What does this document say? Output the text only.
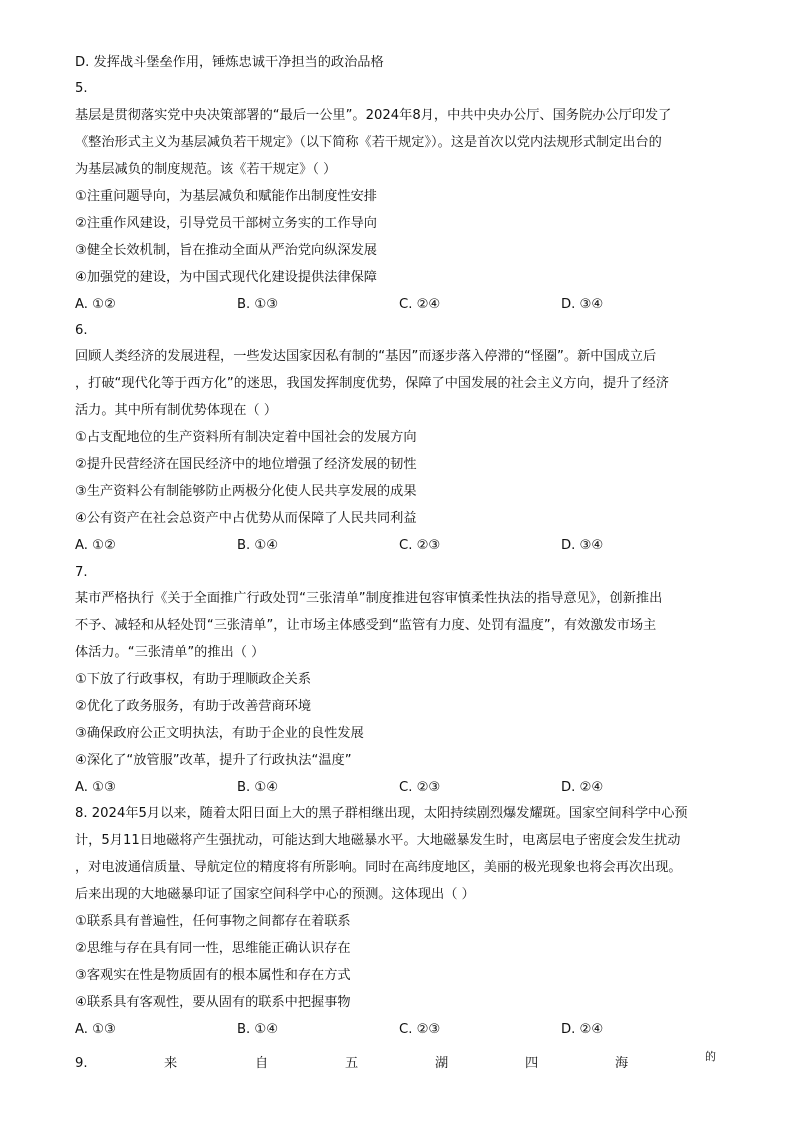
D. 发挥战斗堡垒作用，锤炼忠诚干净担当的政治品格
5.
基层是贯彻落实党中央决策部署的“最后一公里”。2024年8月，中共中央办公厅、国务院办公厅印发了
《整治形式主义为基层减负若干规定》（以下简称《若干规定》）。这是首次以党内法规形式制定出台的
为基层减负的制度规范。该《若干规定》（ ）
①注重问题导向，为基层减负和赋能作出制度性安排
②注重作风建设，引导党员干部树立务实的工作导向
③健全长效机制，旨在推动全面从严治党向纵深发展
④加强党的建设，为中国式现代化建设提供法律保障
A. ①②	B. ①③	C. ②④	D. ③④
6.
回顾人类经济的发展进程，一些发达国家因私有制的“基因”而逐步落入停滞的“怪圈”。新中国成立后
，打破“现代化等于西方化”的迷思，我国发挥制度优势，保障了中国发展的社会主义方向，提升了经济
活力。其中所有制优势体现在（ ）
①占支配地位的生产资料所有制决定着中国社会的发展方向
②提升民营经济在国民经济中的地位增强了经济发展的韧性
③生产资料公有制能够防止两极分化使人民共享发展的成果
④公有资产在社会总资产中占优势从而保障了人民共同利益
A. ①②	B. ①④	C. ②③	D. ③④
7.
某市严格执行《关于全面推广行政处罚“三张清单”制度推进包容审慎柔性执法的指导意见》，创新推出
不予、减轻和从轻处罚“三张清单”，让市场主体感受到“监管有力度、处罚有温度”，有效激发市场主
体活力。“三张清单”的推出（ ）
①下放了行政事权，有助于理顺政企关系
②优化了政务服务，有助于改善营商环境
③确保政府公正文明执法，有助于企业的良性发展
④深化了“放管服”改革，提升了行政执法“温度”
A. ①③	B. ①④	C. ②③	D. ②④
8. 2024年5月以来，随着太阳日面上大的黑子群相继出现，太阳持续剧烈爆发耀斑。国家空间科学中心预
计，5月11日地磁将产生强扰动，可能达到大地磁暴水平。大地磁暴发生时，电离层电子密度会发生扰动
，对电波通信质量、导航定位的精度将有所影响。同时在高纬度地区，美丽的极光现象也将会再次出现。
后来出现的大地磁暴印证了国家空间科学中心的预测。这体现出（ ）
①联系具有普遍性，任何事物之间都存在着联系
②思维与存在具有同一性，思维能正确认识存在
③客观实在性是物质固有的根本属性和存在方式
④联系具有客观性，要从固有的联系中把握事物
A. ①③	B. ①④	C. ②③	D. ②④
9.	来	自	五	湖	四	海	的
